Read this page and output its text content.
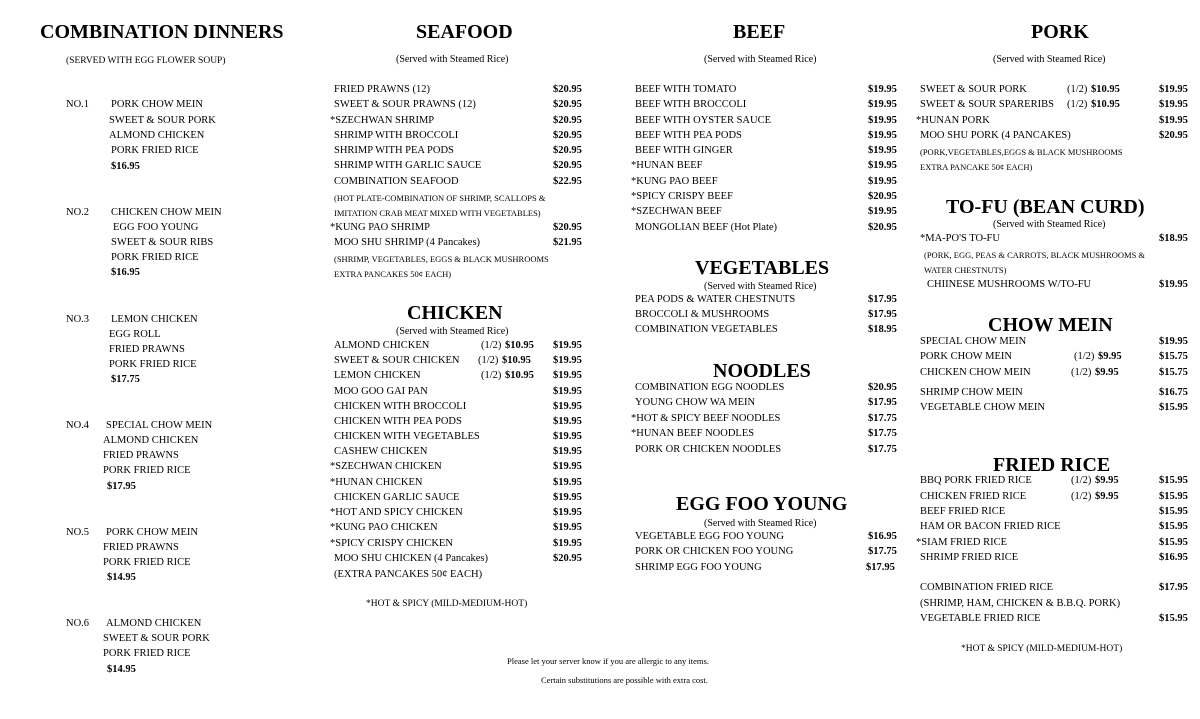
COMBINATION DINNERS
(SERVED WITH EGG FLOWER SOUP)
NO.1 PORK CHOW MEIN
SWEET & SOUR PORK
ALMOND CHICKEN
PORK FRIED RICE
$16.95
NO.2 CHICKEN CHOW MEIN
EGG FOO YOUNG
SWEET & SOUR RIBS
PORK FRIED RICE
$16.95
NO.3 LEMON CHICKEN
EGG ROLL
FRIED PRAWNS
PORK FRIED RICE
$17.75
NO.4 SPECIAL CHOW MEIN
ALMOND CHICKEN
FRIED PRAWNS
PORK FRIED RICE
$17.95
NO.5 PORK CHOW MEIN
FRIED PRAWNS
PORK FRIED RICE
$14.95
NO.6 ALMOND CHICKEN
SWEET & SOUR PORK
PORK FRIED RICE
$14.95
SEAFOOD
(Served with Steamed Rice)
FRIED PRAWNS (12)	$20.95
SWEET & SOUR PRAWNS (12)	$20.95
*SZECHWAN SHRIMP	$20.95
SHRIMP WITH BROCCOLI	$20.95
SHRIMP WITH PEA PODS	$20.95
SHRIMP WITH GARLIC SAUCE	$20.95
COMBINATION SEAFOOD	$22.95
(HOT PLATE-COMBINATION OF SHRIMP, SCALLOPS &
IMITATION CRAB MEAT MIXED WITH VEGETABLES)
*KUNG PAO SHRIMP	$20.95
MOO SHU SHRIMP (4 Pancakes)	$21.95
(SHRIMP, VEGETABLES, EGGS & BLACK MUSHROOMS
EXTRA PANCAKES 50¢ EACH)
CHICKEN
(Served with Steamed Rice)
ALMOND CHICKEN	(1/2) $10.95 $19.95
SWEET & SOUR CHICKEN (1/2) $10.95 $19.95
LEMON CHICKEN	(1/2) $10.95 $19.95
MOO GOO GAI PAN	$19.95
CHICKEN WITH BROCCOLI	$19.95
CHICKEN WITH PEA PODS	$19.95
CHICKEN WITH VEGETABLES	$19.95
CASHEW CHICKEN	$19.95
*SZECHWAN CHICKEN	$19.95
*HUNAN CHICKEN	$19.95
CHICKEN GARLIC SAUCE	$19.95
*HOT AND SPICY CHICKEN	$19.95
*KUNG PAO CHICKEN	$19.95
*SPICY CRISPY CHICKEN	$19.95
MOO SHU CHICKEN (4 Pancakes)	$20.95
(EXTRA PANCAKES 50¢ EACH)
*HOT & SPICY (MILD-MEDIUM-HOT)
BEEF
(Served with Steamed Rice)
BEEF WITH TOMATO	$19.95
BEEF WITH BROCCOLI	$19.95
BEEF WITH OYSTER SAUCE	$19.95
BEEF WITH PEA PODS	$19.95
BEEF WITH GINGER	$19.95
*HUNAN BEEF	$19.95
*KUNG PAO BEEF	$19.95
*SPICY CRISPY BEEF	$20.95
*SZECHWAN BEEF	$19.95
MONGOLIAN BEEF (Hot Plate)	$20.95
VEGETABLES
(Served with Steamed Rice)
PEA PODS & WATER CHESTNUTS	$17.95
BROCCOLI & MUSHROOMS	$17.95
COMBINATION VEGETABLES	$18.95
NOODLES
COMBINATION EGG NOODLES	$20.95
YOUNG CHOW WA MEIN	$17.95
*HOT & SPICY BEEF NOODLES	$17.75
*HUNAN BEEF NOODLES	$17.75
PORK OR CHICKEN NOODLES	$17.75
EGG FOO YOUNG
(Served with Steamed Rice)
VEGETABLE EGG FOO YOUNG	$16.95
PORK OR CHICKEN FOO YOUNG	$17.75
SHRIMP EGG FOO YOUNG	$17.95
Please let your server know if you are allergic to any items.
Certain substitutions are possible with extra cost.
PORK
(Served with Steamed Rice)
SWEET & SOUR PORK	(1/2) $10.95	$19.95
SWEET & SOUR SPARERIBS (1/2) $10.95	$19.95
*HUNAN PORK	$19.95
MOO SHU PORK (4 PANCAKES)	$20.95
(PORK,VEGETABLES,EGGS & BLACK MUSHROOMS
EXTRA PANCAKE 50¢ EACH)
TO-FU (BEAN CURD)
(Served with Steamed Rice)
*MA-PO'S TO-FU	$18.95
(PORK, EGG, PEAS & CARROTS, BLACK MUSHROOMS &
WATER CHESTNUTS)
CHIINESE MUSHROOMS W/TO-FU	$19.95
CHOW MEIN
SPECIAL CHOW MEIN	$19.95
PORK CHOW MEIN	(1/2) $9.95	$15.75
CHICKEN CHOW MEIN	(1/2) $9.95	$15.75
SHRIMP CHOW MEIN	$16.75
VEGETABLE CHOW MEIN	$15.95
FRIED RICE
BBQ PORK FRIED RICE	(1/2) $9.95	$15.95
CHICKEN FRIED RICE	(1/2) $9.95	$15.95
BEEF FRIED RICE	$15.95
HAM OR BACON FRIED RICE	$15.95
*SIAM FRIED RICE	$15.95
SHRIMP FRIED RICE	$16.95
COMBINATION FRIED RICE	$17.95
(SHRIMP, HAM, CHICKEN & B.B.Q. PORK)
VEGETABLE FRIED RICE	$15.95
*HOT & SPICY (MILD-MEDIUM-HOT)
